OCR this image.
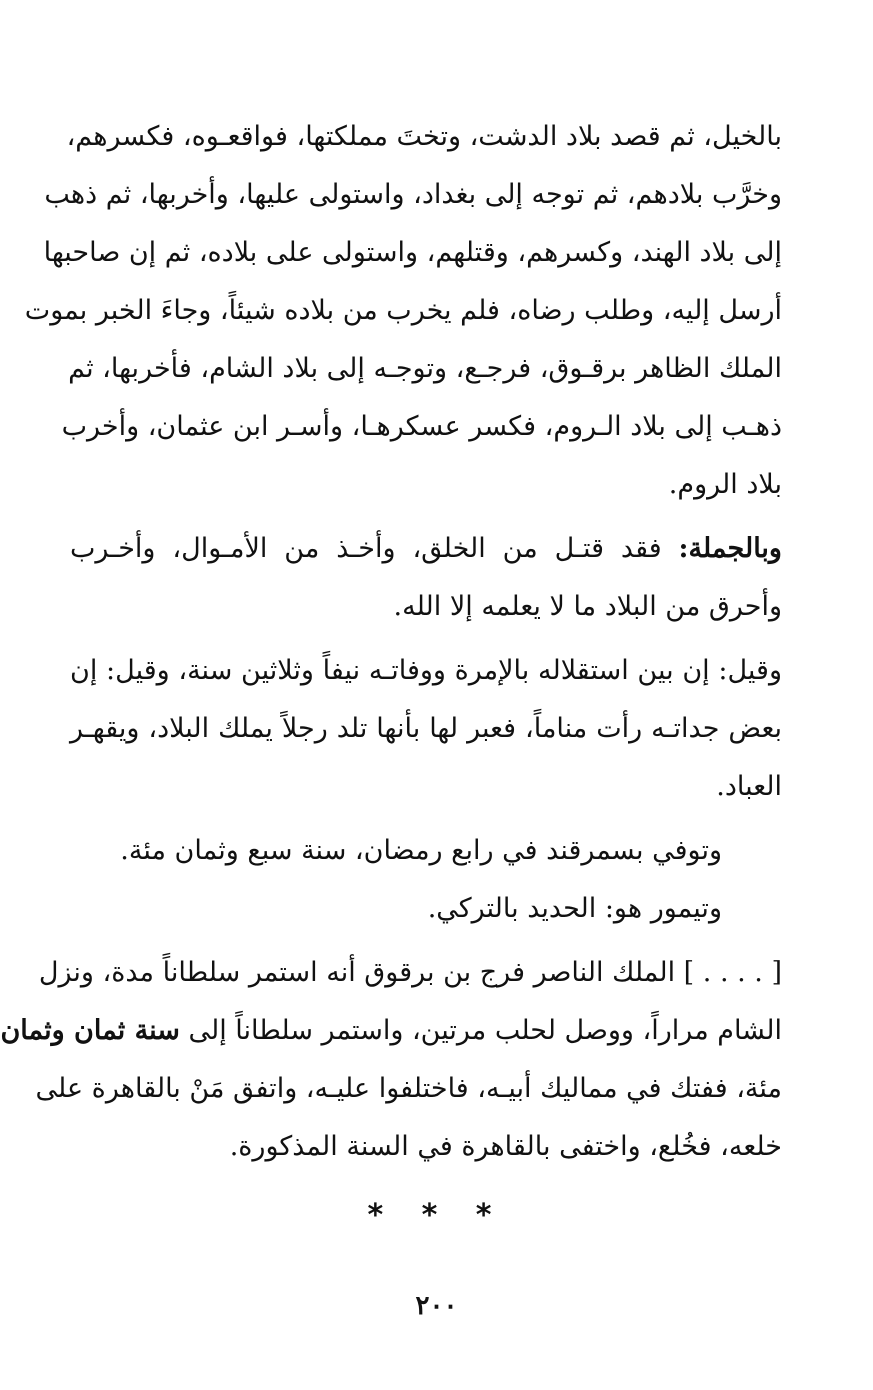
بالخيل، ثم قصد بلاد الدشت، وتختَ مملكتها، فواقعـوه، فكسرهم،
وخرَّب بلادهم، ثم توجه إلى بغداد، واستولى عليها، وأخربها، ثم ذهب
إلى بلاد الهند، وكسرهم، وقتلهم، واستولى على بلاده، ثم إن صاحبها
أرسل إليه، وطلب رضاه، فلم يخرب من بلاده شيئاً، وجاءَ الخبر بموت
الملك الظاهر برقـوق، فرجـع، وتوجـه إلى بلاد الشام، فأخربها، ثم
ذهـب إلى بلاد الـروم، فكسر عسكرهـا، وأسـر ابن عثمان، وأخرب
بلاد الروم.
وبالجملة: فقد قتـل من الخلق، وأخـذ من الأمـوال، وأخـرب
وأحرق من البلاد ما لا يعلمه إلا الله.
وقيل: إن بين استقلاله بالإمرة ووفاتـه نيفاً وثلاثين سنة، وقيل: إن
بعض جداتـه رأت مناماً، فعبر لها بأنها تلد رجلاً يملك البلاد، ويقهـر
العباد.
وتوفي بسمرقند في رابع رمضان، سنة سبع وثمان مئة.
وتيمور هو: الحديد بالتركي.
[ . . . . ] الملك الناصر فرج بن برقوق أنه استمر سلطاناً مدة، ونزل
الشام مراراً، ووصل لحلب مرتين، واستمر سلطاناً إلى سنة ثمان وثمان
مئة، ففتك في مماليك أبيـه، فاختلفوا عليـه، واتفق مَنْ بالقاهرة على
خلعه، فخُلع، واختفى بالقاهرة في السنة المذكورة.
* * *
٢٠٠
